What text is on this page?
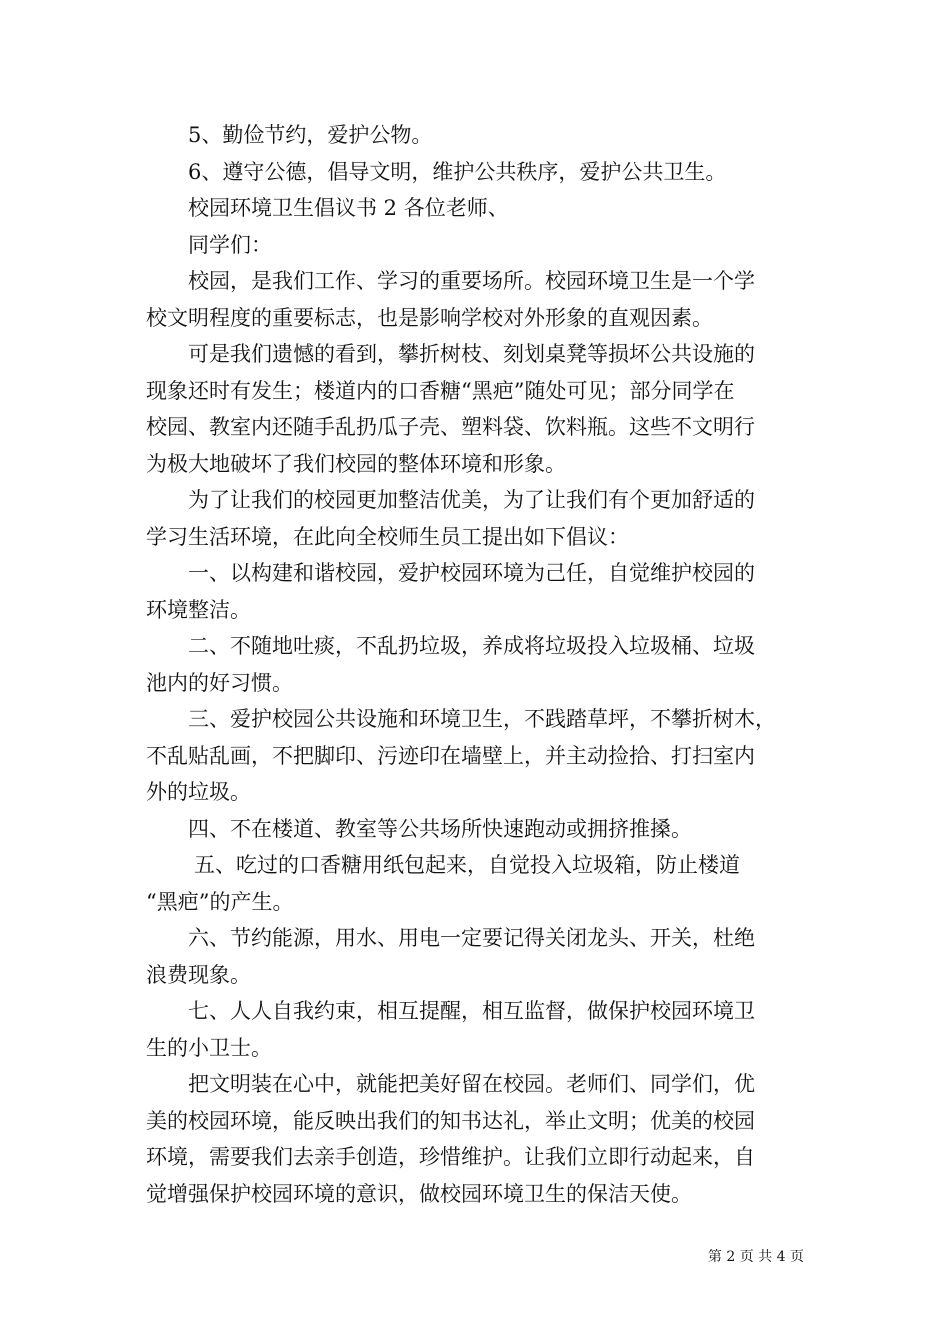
5、勤俭节约，爱护公物。
6、遵守公德，倡导文明，维护公共秩序，爱护公共卫生。
校园环境卫生倡议书 2 各位老师、
同学们：
校园，是我们工作、学习的重要场所。校园环境卫生是一个学
校文明程度的重要标志，也是影响学校对外形象的直观因素。
可是我们遗憾的看到，攀折树枝、刻划桌凳等损坏公共设施的
现象还时有发生；楼道内的口香糖“黑疤”随处可见；部分同学在
校园、教室内还随手乱扔瓜子壳、塑料袋、饮料瓶。这些不文明行
为极大地破坏了我们校园的整体环境和形象。
为了让我们的校园更加整洁优美，为了让我们有个更加舒适的
学习生活环境，在此向全校师生员工提出如下倡议：
一、以构建和谐校园，爱护校园环境为己任，自觉维护校园的
环境整洁。
二、不随地吐痰，不乱扔垃圾，养成将垃圾投入垃圾桶、垃圾
池内的好习惯。
三、爱护校园公共设施和环境卫生，不践踏草坪，不攀折树木，
不乱贴乱画，不把脚印、污迹印在墙壁上，并主动捡拾、打扫室内
外的垃圾。
四、不在楼道、教室等公共场所快速跑动或拥挤推搡。
五、吃过的口香糖用纸包起来，自觉投入垃圾箱，防止楼道
“黑疤”的产生。
六、节约能源，用水、用电一定要记得关闭龙头、开关，杜绝
浪费现象。
七、人人自我约束，相互提醒，相互监督，做保护校园环境卫
生的小卫士。
把文明装在心中，就能把美好留在校园。老师们、同学们，优
美的校园环境，能反映出我们的知书达礼，举止文明；优美的校园
环境，需要我们去亲手创造，珍惜维护。让我们立即行动起来，自
觉增强保护校园环境的意识，做校园环境卫生的保洁天使。
第 2 页 共 4 页
